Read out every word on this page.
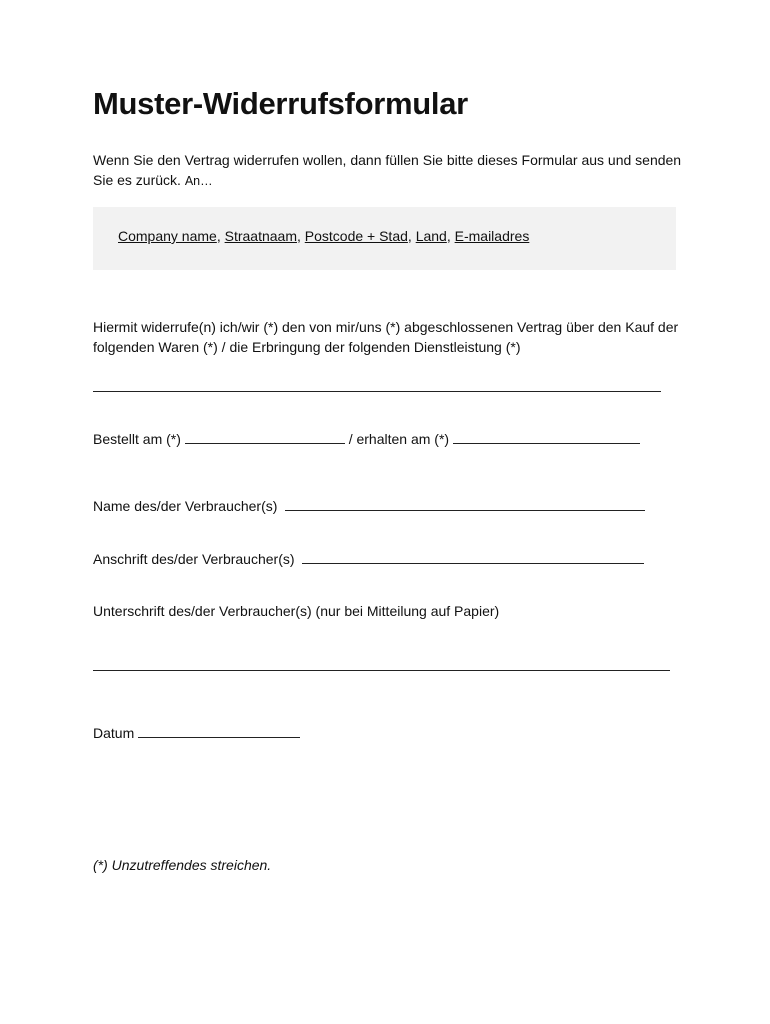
Muster-Widerrufsformular
Wenn Sie den Vertrag widerrufen wollen, dann füllen Sie bitte dieses Formular aus und senden Sie es zurück. An…
Company name, Straatnaam, Postcode + Stad, Land, E-mailadres
Hiermit widerrufe(n) ich/wir (*) den von mir/uns (*) abgeschlossenen Vertrag über den Kauf der folgenden Waren (*) / die Erbringung der folgenden Dienstleistung (*)
Bestellt am (*)	/ erhalten am (*)
Name des/der Verbraucher(s)
Anschrift des/der Verbraucher(s)
Unterschrift des/der Verbraucher(s) (nur bei Mitteilung auf Papier)
Datum
(*) Unzutreffendes streichen.
